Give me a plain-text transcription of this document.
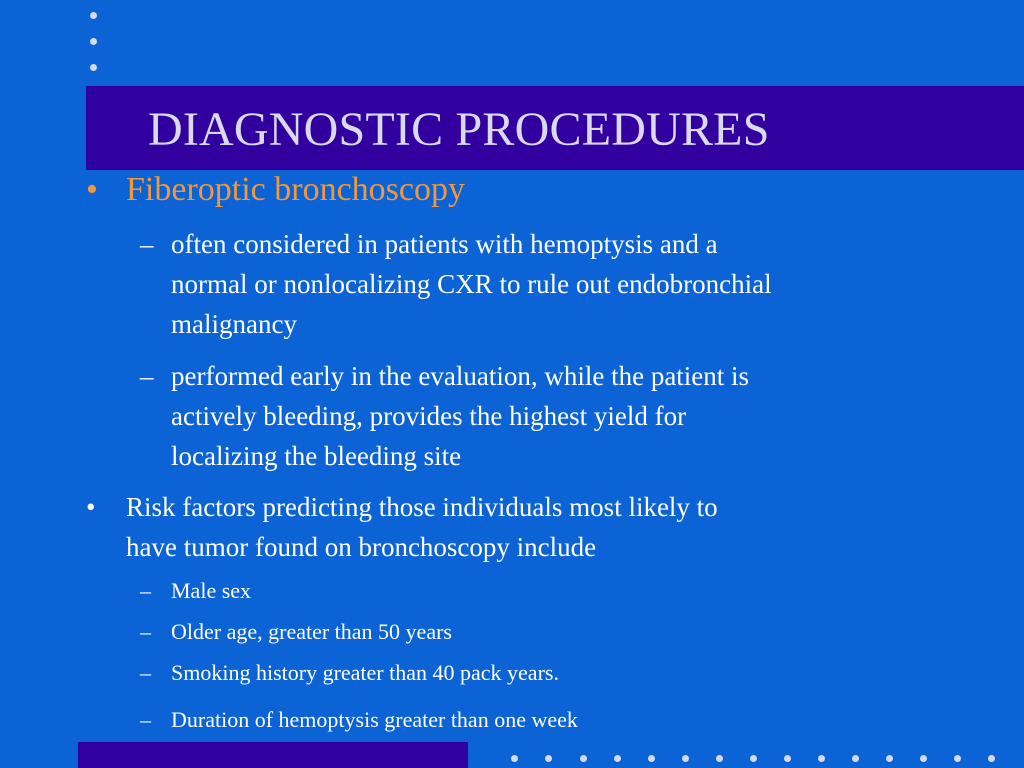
DIAGNOSTIC PROCEDURES
• Fiberoptic bronchoscopy
– often considered in patients with hemoptysis and a
normal or nonlocalizing CXR to rule out endobronchial
malignancy
– performed early in the evaluation, while the patient is
actively bleeding, provides the highest yield for
localizing the bleeding site
• Risk factors predicting those individuals most likely to
have tumor found on bronchoscopy include
– Male sex
– Older age, greater than 50 years
– Smoking history greater than 40 pack years.
– Duration of hemoptysis greater than one week
